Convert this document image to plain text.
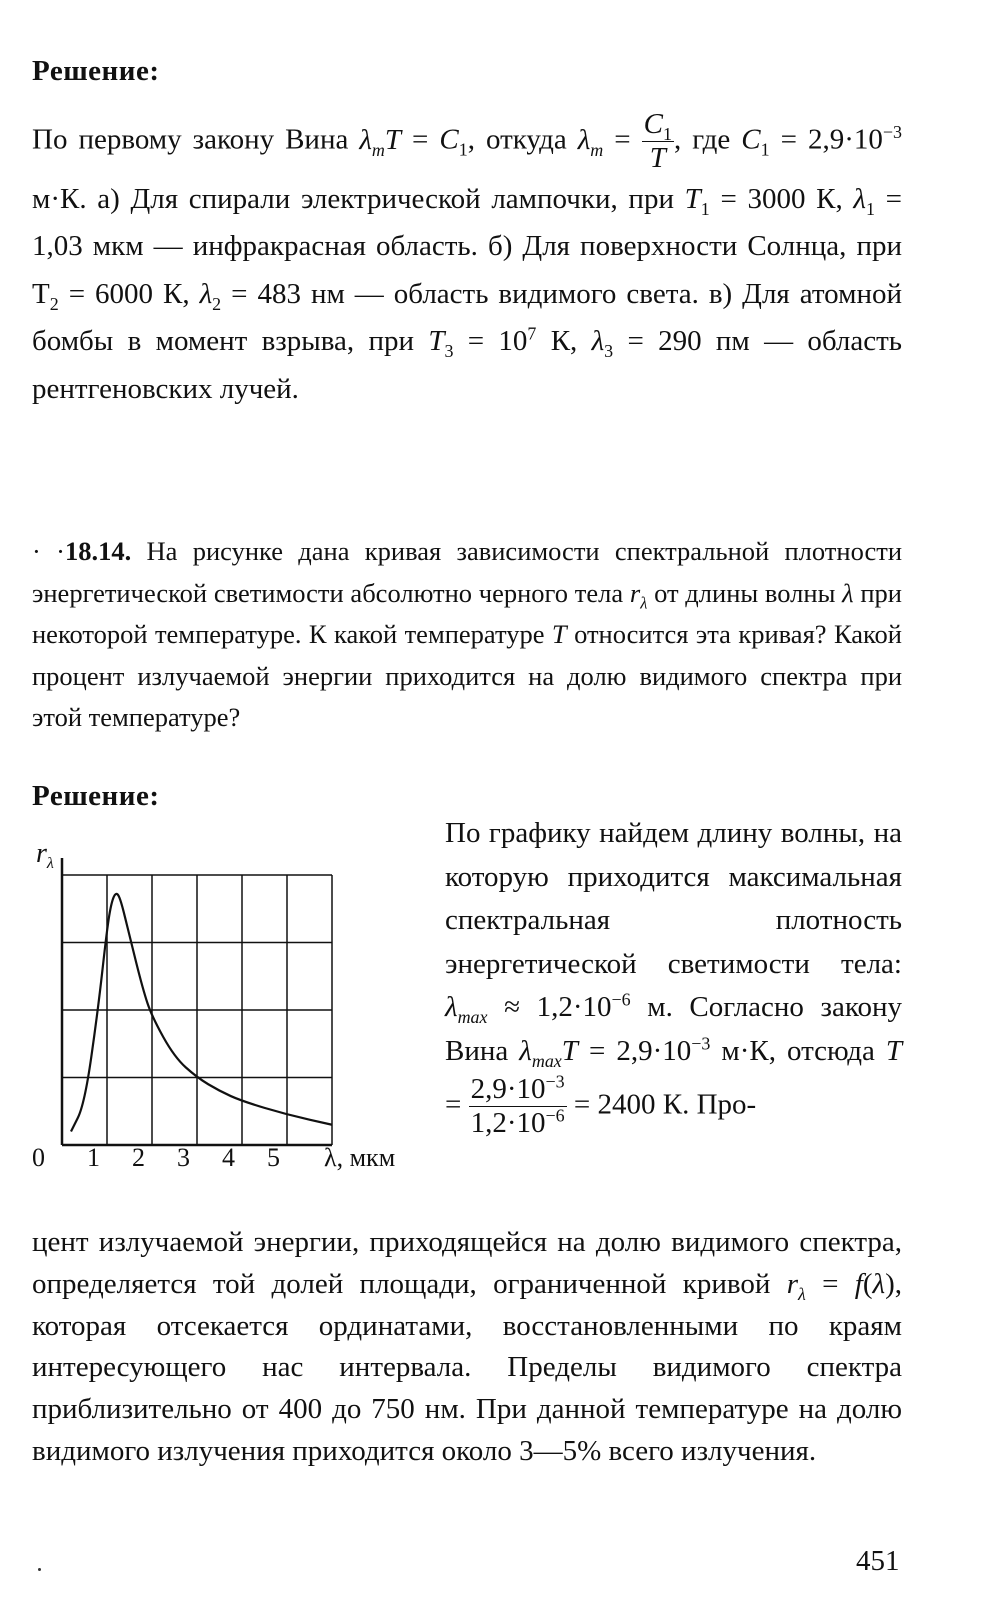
Решение:

По первому закону Вина $\lambda_mT = C_1$, откуда $\lambda_m = \frac{C_1}{T}$ , где $C_1 = 2,9\cdot 10^{-3}$ м·К. а) Для спирали электрической лампочки, при $T_1 = 3000$ К, $\lambda_1 = 1,03$ мкм — инфракрасная область. б) Для поверхности Солнца, при $T_2 = 6000$ К, $\lambda_2 = 483$ нм — область видимого света. в) Для атомной бомбы в момент взрыва, при $T_3 = 10^7$ К, $\lambda_3 = 290$ пм — область рентгеновских лучей.

· ·18.14. На рисунке дана кривая зависимости спектральной плотности энергетической светимости абсолютно черного тела $r_\lambda$ от длины волны λ при некоторой температуре. К какой температуре T относится эта кривая? Какой процент излучаемой энергии приходится на долю видимого спектра при этой температуре?

Решение:
0 1 2 3 4 5
$r_\lambda$
λ, мкм

По графику найдем длину волны, на которую приходится максимальная спектральная плотность энергетической светимости тела: $\lambda_{max} \approx 1,2\cdot 10^{-6}$ м. Согласно закону Вина $\lambda_{max}T = 2,9\cdot 10^{-3}$ м·К, отсюда $T = \frac{2,9\cdot 10^{-3}}{1,2\cdot 10^{-6}} = 2400$ К. Про-

цент излучаемой энергии, приходящейся на долю видимого спектра, определяется той долей площади, ограниченной кривой $r_\lambda = f(\lambda)$, которая отсекается ординатами, восстановленными по краям интересующего нас интервала. Пределы видимого спектра приблизительно от 400 до 750 нм. При данной температуре на долю видимого излучения приходится около 3—5% всего излучения.

451
